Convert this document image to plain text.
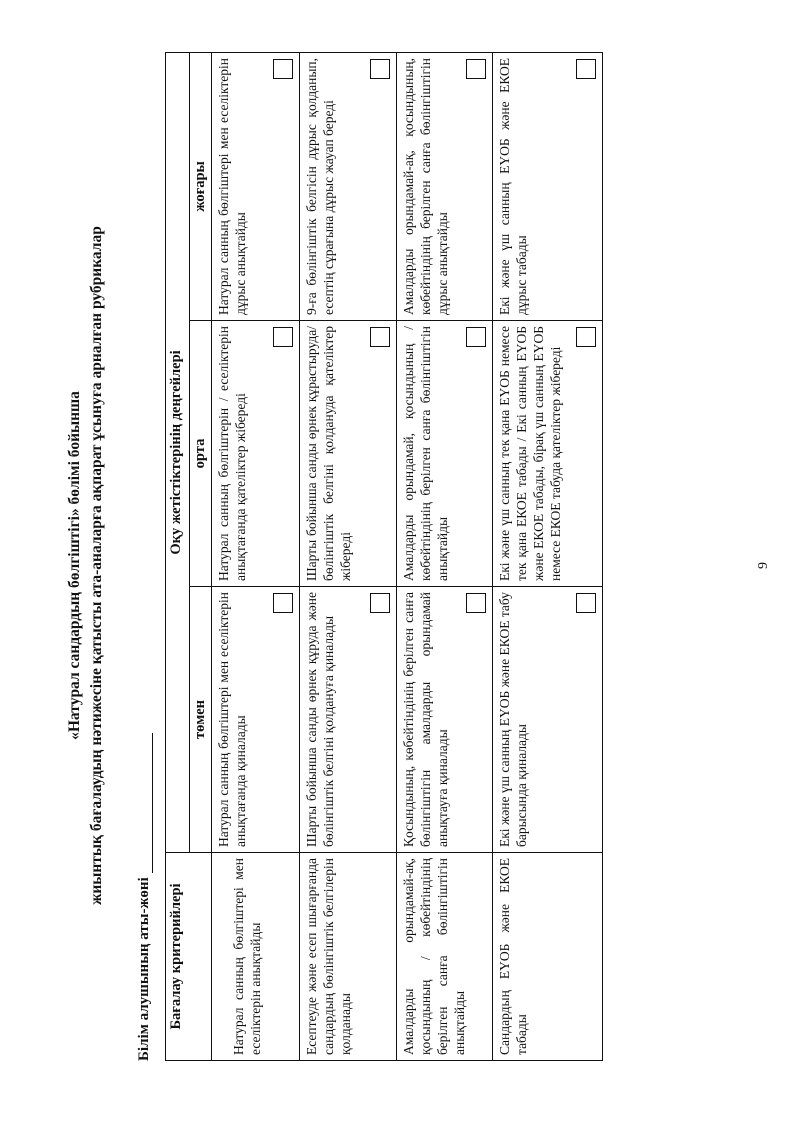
«Натурал сандардың бөлгіштігі» бөлімі бойынша жиынтық бағалаудың нәтижесіне қатысты ата-аналарға ақпарат ұсынуға арналған рубрикалар
Білім алушының аты-жөні Бағалау критерийлері	Оқу жетістіктерінің деңгейлері		
	төмен	орта	жоғары
Натурал санның бөлгіштері мен еселіктерін анықтайды	Натурал санның бөлгіштері мен еселіктерін анықтағанда қиналады	Натурал санның бөлгіштерін / еселіктерін анықтағанда қателіктер жібереді	Натурал санның бөлгіштері мен еселіктерін дұрыс анықтайды

Есептеуде және есеп шығарғанда сандардың бөлінгіштік белгілерін қолданады	Шарты бойынша санды өрнек құруда және бөлінгіштік белгіні қолдануға қиналады	Шарты бойынша санды өрнек құрастыруда/бөлінгіштік белгіні қолдануда қателіктер жібереді	9-ға бөлінгіштік белгісін дұрыс қолданып, есептің сұрағына дұрыс жауап береді

Амалдарды орындамай-ақ, қосындының / көбейтіндінің берілген санға бөлінгіштігін анықтайды	Қосындының, көбейтіндінің берілген санға бөлінгіштігін амалдарды орындамай анықтауға қиналады	Амалдарды орындамай, қосындының / көбейтіндінің берілген санға бөлінгіштігін анықтайды	Амалдарды орындамай-ақ, қосындының, көбейтіндінің берілген санға бөлінгіштігін дұрыс анықтайды

Сандардың ЕҮОБ және ЕКОЕ табады	Екі және үш санның ЕҮОБ және ЕКОЕ табу барысында қиналады	Екі және үш санның тек қана ЕҮОБ немесе тек қана ЕКОЕ табады / Екі санның ЕҮОБ және ЕКОЕ табады, бірақ үш санның ЕҮОБ немесе ЕКОЕ табуда қателіктер жібереді	Екі және үш санның ЕҮОБ және ЕКОЕ дұрыс табады
9
